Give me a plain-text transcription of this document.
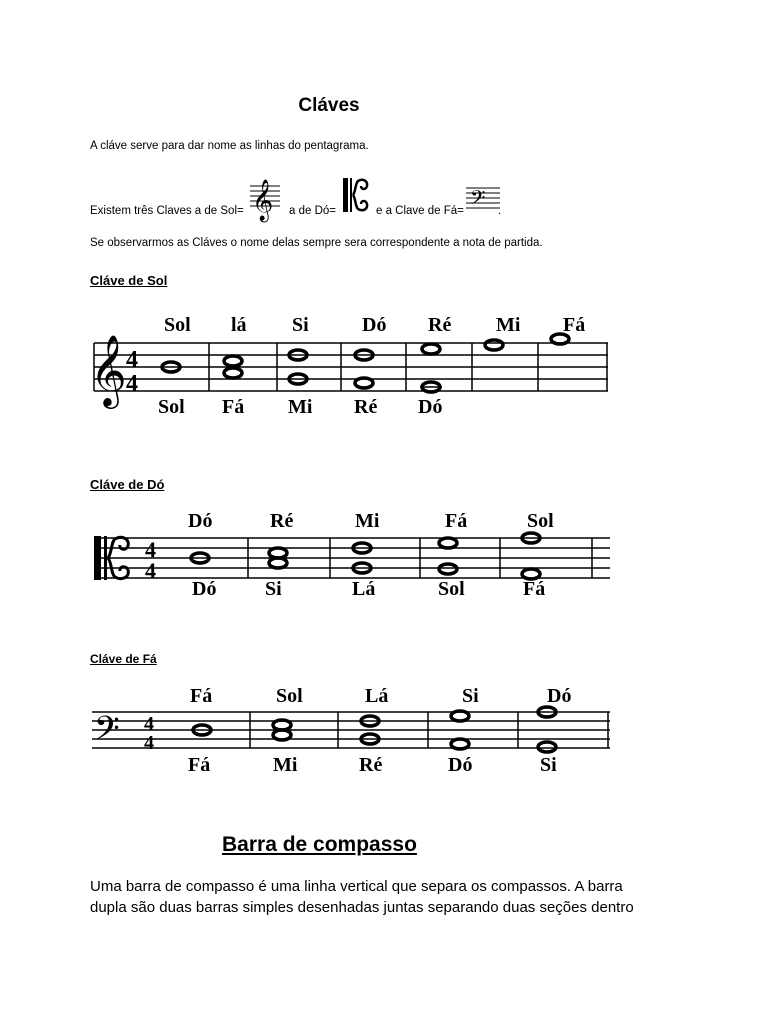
Cláves
A cláve serve para dar nome as linhas do pentagrama.
Existem três Claves a de Sol= 𝄞 a de Dó=	e a Clave de Fá= 𝄢 .
Se observarmos as Cláves o nome delas sempre sera correspondente a nota de partida.
Cláve de Sol
Sol lá Si	Dó Ré Mi Fá
𝄞 4
4
Sol Fá Mi Ré Dó
Cláve de Dó
Dó	Ré	Mi	Fá	Sol
4
4
Dó Si	Lá	Sol	Fá
Cláve de Fá
Fá	Sol	Lá	Si	Dó
𝄢 4
4
Fá	Mi	Ré	Dó	Si
Barra de compasso
Uma barra de compasso é uma linha vertical que separa os compassos. A barra
dupla são duas barras simples desenhadas juntas separando duas seções dentro
